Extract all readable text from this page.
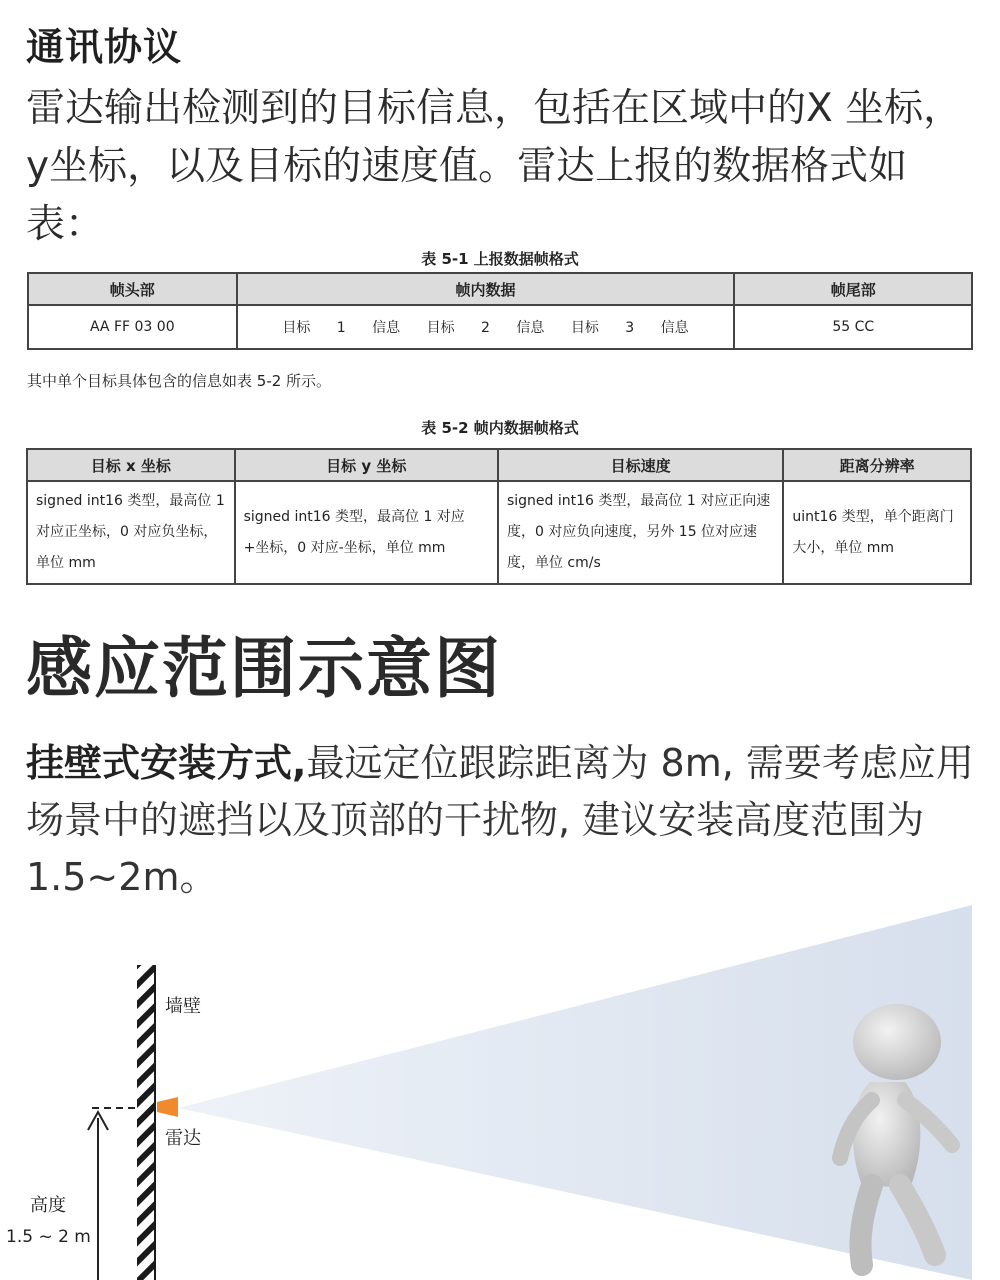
通讯协议
雷达输出检测到的目标信息，包括在区域中的X 坐标，y坐标，以及目标的速度值。雷达上报的数据格式如表：
表 5-1 上报数据帧格式
帧头部	帧内数据	帧尾部
AA FF 03 00	目标 1 信息 目标 2 信息 目标 3 信息	55 CC
其中单个目标具体包含的信息如表 5-2 所示。
表 5-2 帧内数据帧格式
目标 x 坐标	目标 y 坐标	目标速度	距离分辨率
signed int16 类型，最高位 1 对应正坐标，0 对应负坐标，单位 mm	signed int16 类型，最高位 1 对应+坐标，0 对应-坐标，单位 mm	signed int16 类型，最高位 1 对应正向速度，0 对应负向速度，另外 15 位对应速度，单位 cm/s	uint16 类型，单个距离门大小，单位 mm
感应范围示意图
挂壁式安装方式,最远定位跟踪距离为 8m, 需要考虑应用场景中的遮挡以及顶部的干扰物, 建议安装高度范围为 1.5~2m。
墙壁
雷达
高度
1.5 ~ 2 m
